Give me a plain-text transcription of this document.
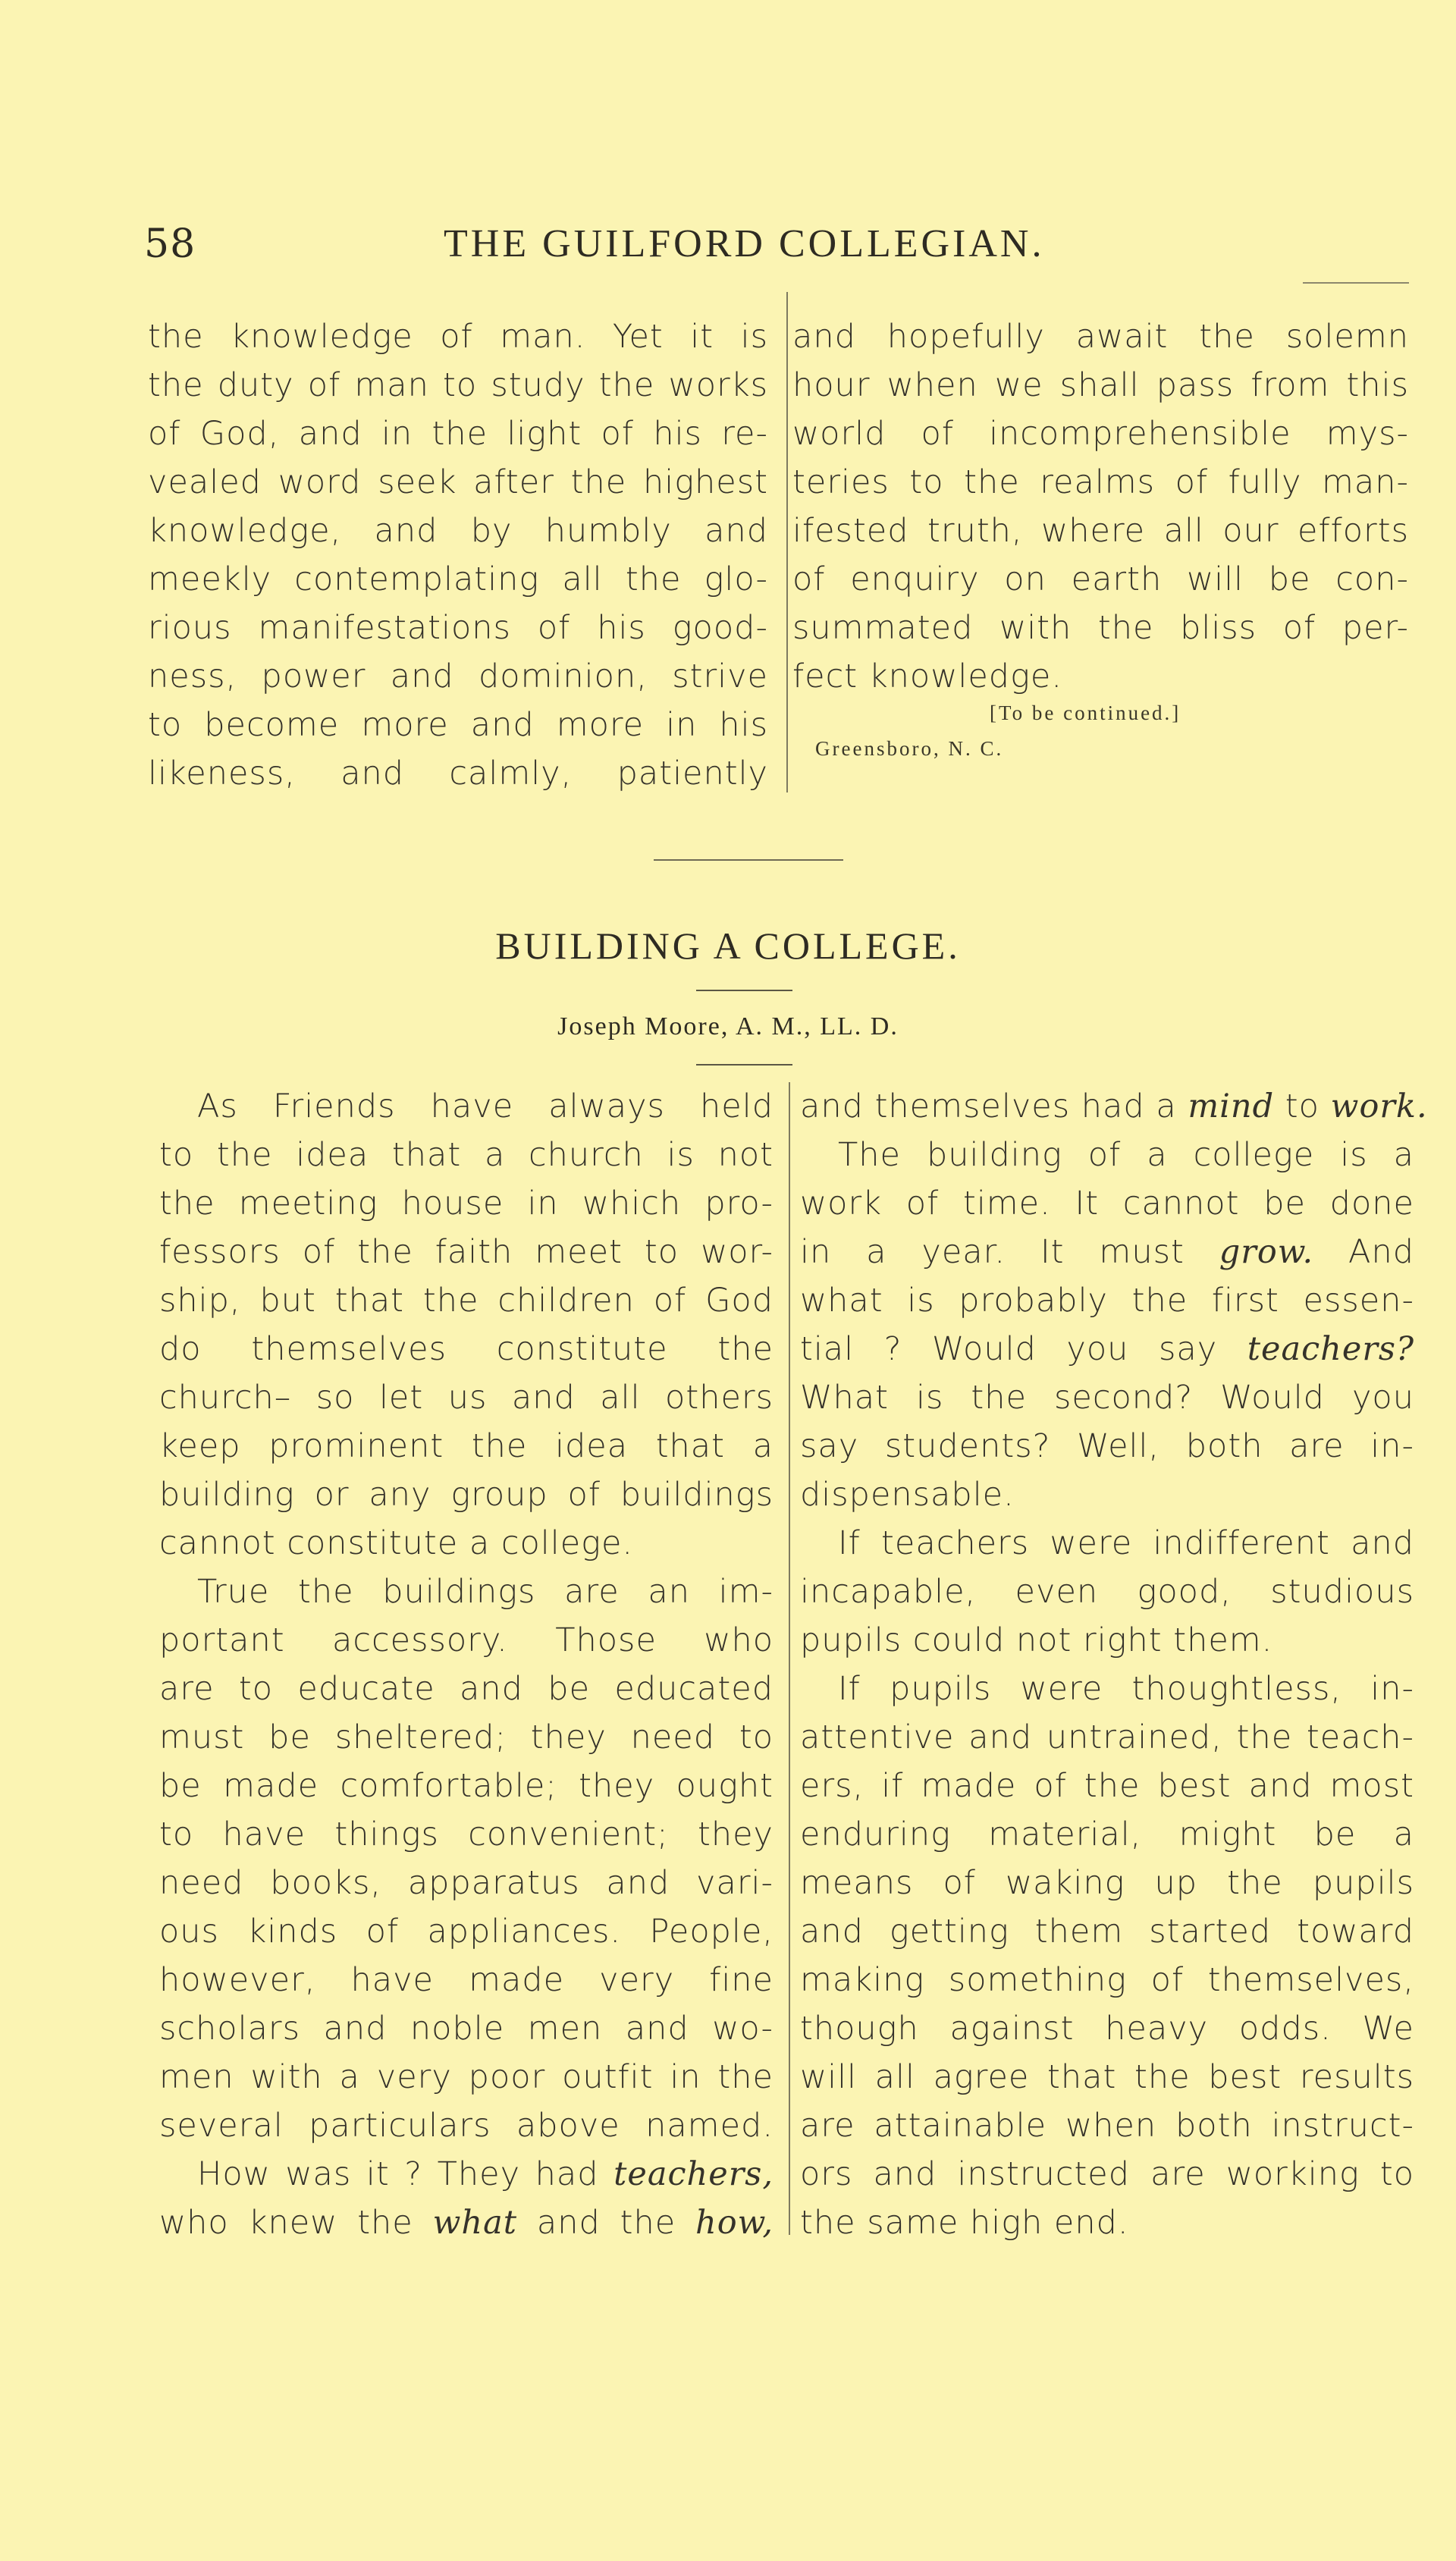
58	THE GUILFORD COLLEGIAN.

the knowledge of man. Yet it is
the duty of man to study the works
of God, and in the light of his re-
vealed word seek after the highest
knowledge, and by humbly and
meekly contemplating all the glo-
rious manifestations of his good-
ness, power and dominion, strive
to become more and more in his
likeness, and calmly, patiently

and hopefully await the solemn
hour when we shall pass from this
world of incomprehensible mys-
teries to the realms of fully man-
ifested truth, where all our efforts
of enquiry on earth will be con-
summated with the bliss of per-
fect knowledge.
[To be continued.]
Greensboro, N. C.
BUILDING A COLLEGE.
Joseph Moore, A. M., LL. D.
As Friends have always held
to the idea that a church is not
the meeting house in which pro-
fessors of the faith meet to wor-
ship, but that the children of God
do themselves constitute the
church– so let us and all others
keep prominent the idea that a
building or any group of buildings
cannot constitute a college.
True the buildings are an im-
portant accessory. Those who
are to educate and be educated
must be sheltered; they need to
be made comfortable; they ought
to have things convenient; they
need books, apparatus and vari-
ous kinds of appliances. People,
however, have made very fine
scholars and noble men and wo-
men with a very poor outfit in the
several particulars above named.
How was it ? They had teachers,
who knew the what and the how,
and themselves had a mind to work.
The building of a college is a
work of time. It cannot be done
in a year. It must grow. And
what is probably the first essen-
tial ? Would you say teachers?
What is the second? Would you
say students? Well, both are in-
dispensable.
If teachers were indifferent and
incapable, even good, studious
pupils could not right them.
If pupils were thoughtless, in-
attentive and untrained, the teach-
ers, if made of the best and most
enduring material, might be a
means of waking up the pupils
and getting them started toward
making something of themselves,
though against heavy odds. We
will all agree that the best results
are attainable when both instruct-
ors and instructed are working to
the same high end.
